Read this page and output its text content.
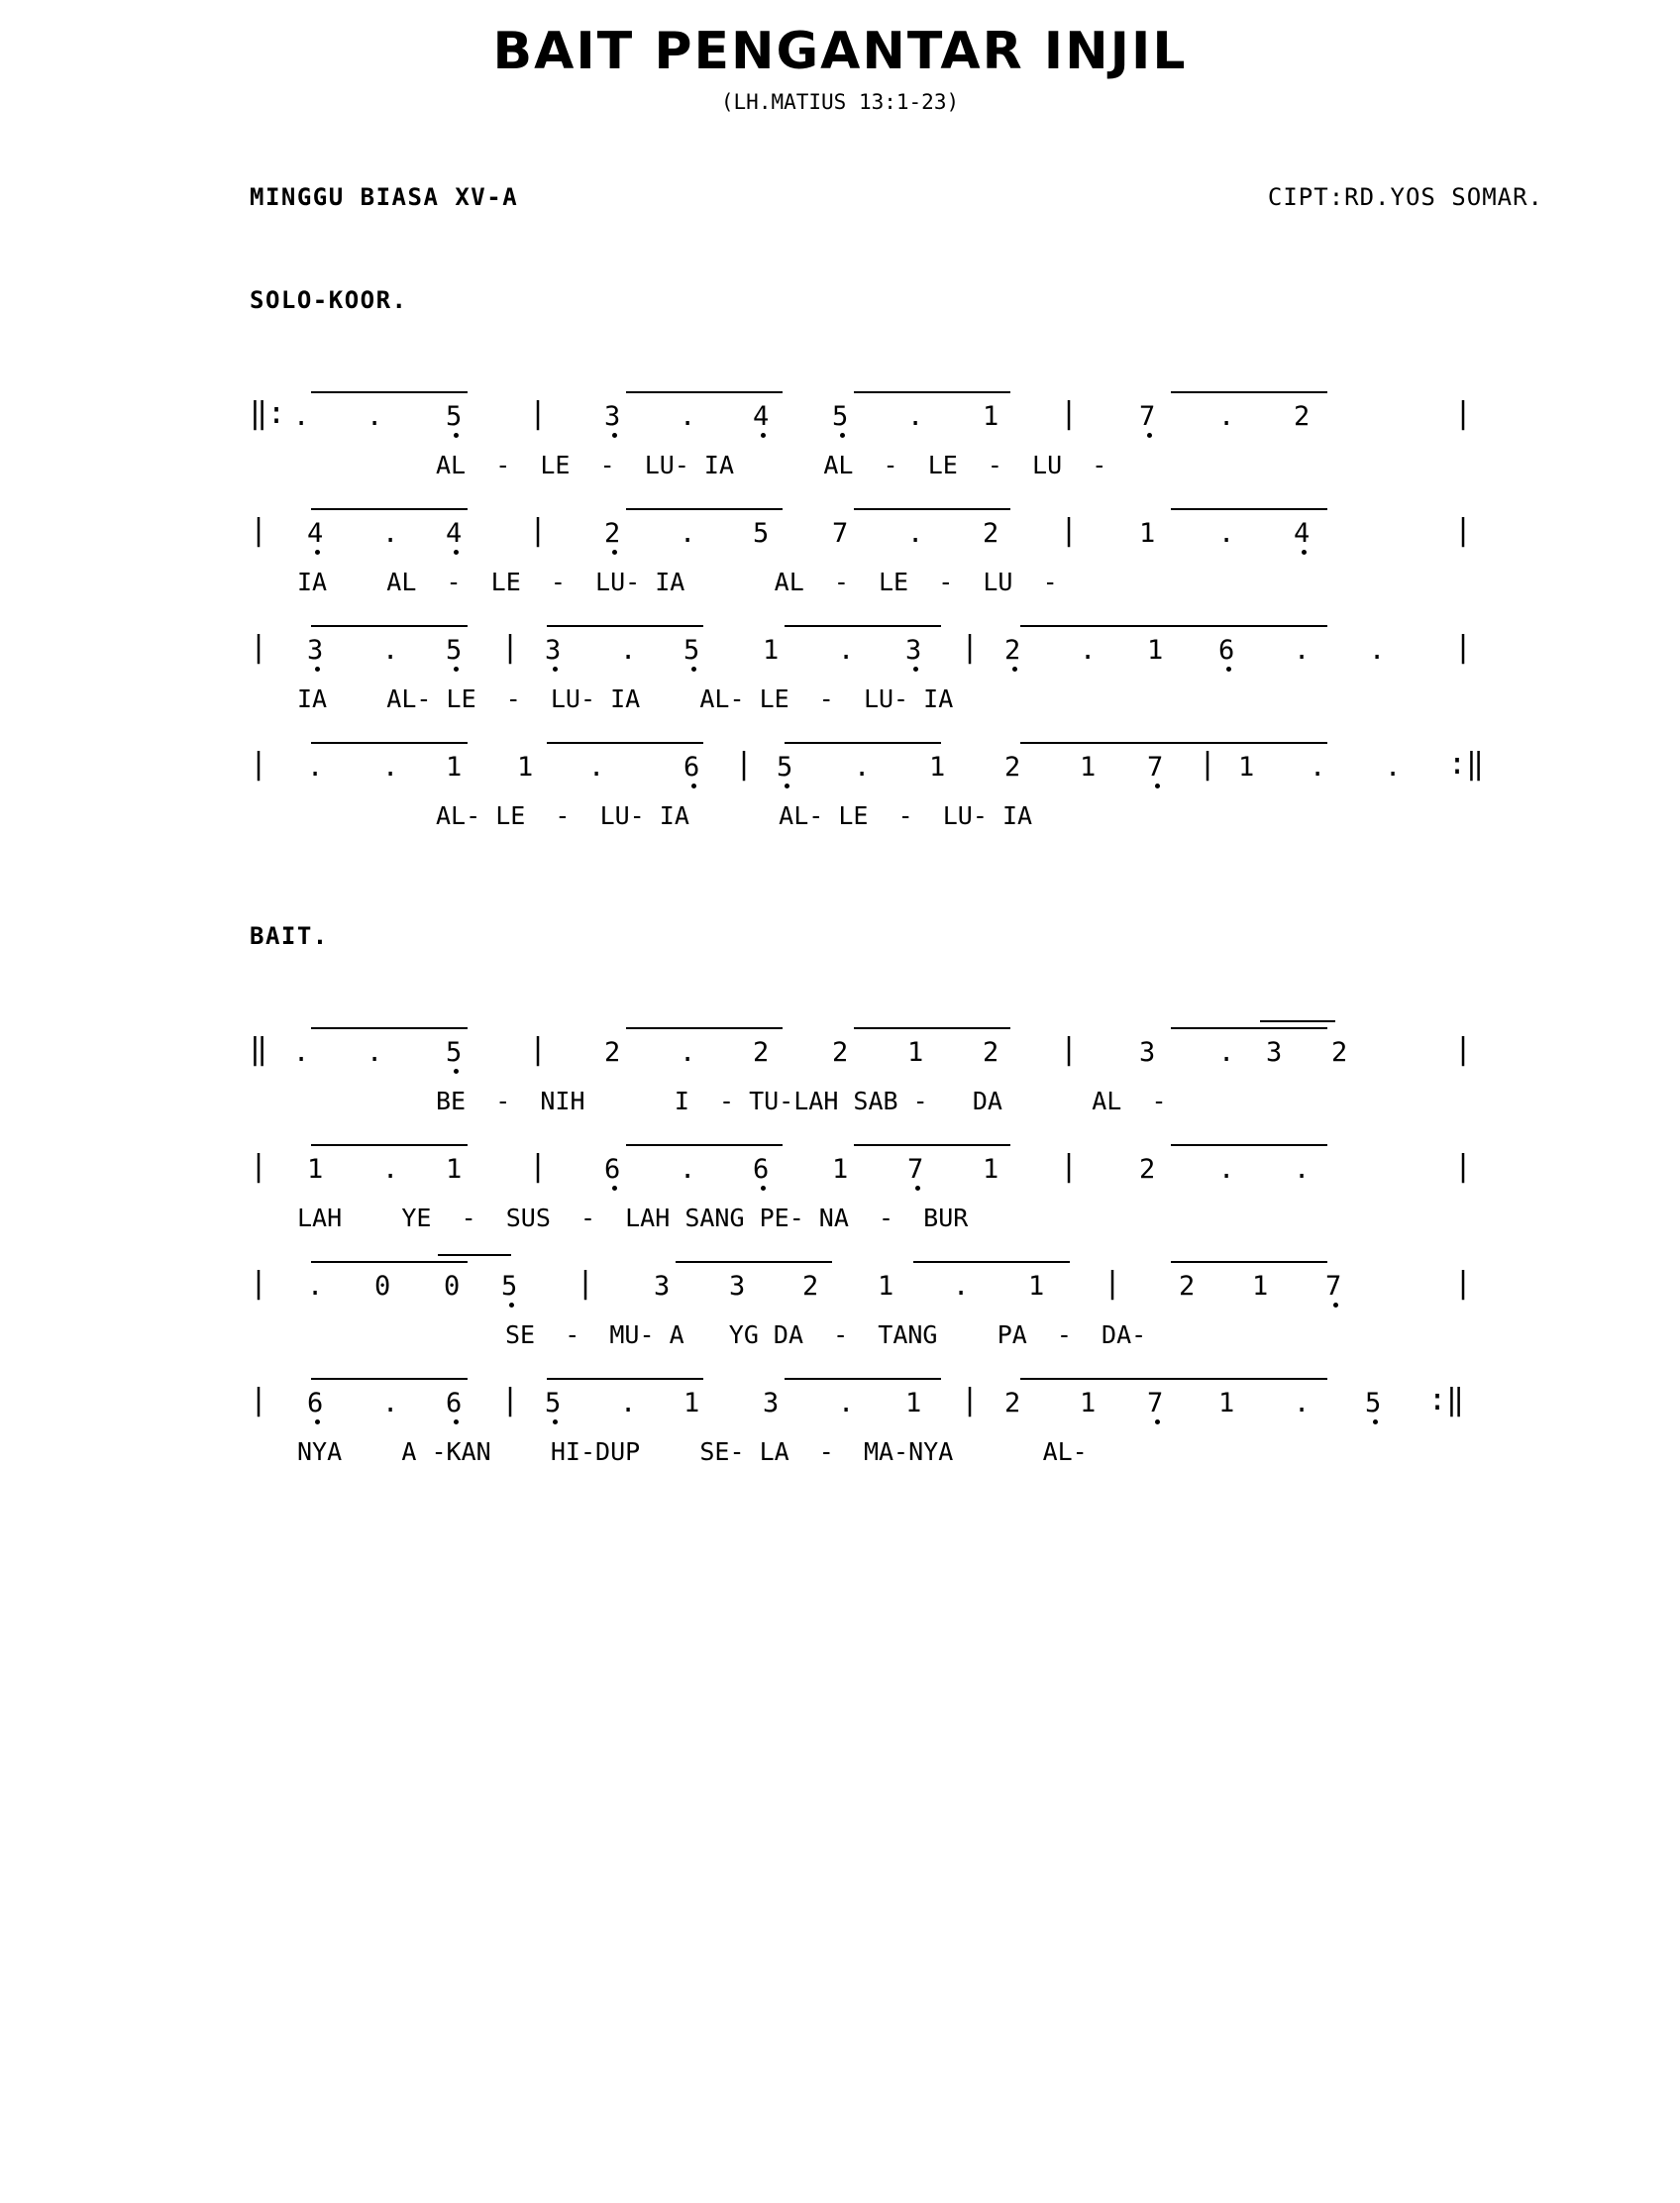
BAIT PENGANTAR INJIL
(LH.MATIUS 13:1-23)
MINGGU BIASA XV-A	CIPT:RD.YOS SOMAR.
SOLO-KOOR.
‖: . . 5 | 3 . 4 5 . 1 | 7 . 2	|
AL  -  LE  -  LU- IA      AL  -  LE  -  LU  -
| 4 . 4 | 2 . 5 7 . 2 | 1 . 4	|
IA    AL  -  LE  -  LU- IA      AL  -  LE  -  LU  -
| 3 . 5 | 3 . 5 1 . 3 | 2 . 1 6 . . |
IA    AL- LE  -  LU- IA    AL- LE  -  LU- IA
| . . 1 1 .	6 | 5 . 1 2 1 7 | 1 . . :‖
AL- LE  -  LU- IA      AL- LE  -  LU- IA
BAIT.
‖ . . 5 | 2 . 2 2 1 2 | 3 . 3 2	|
BE  -  NIH      I  - TU-LAH SAB -   DA      AL  -
| 1 . 1 | 6 . 6 1 7 1 | 2 . .	|
LAH    YE  -  SUS  -  LAH SANG PE- NA  -  BUR
| . 0 0 5 | 3 3 2 1 . 1 | 2 1 7	|
SE  -  MU- A   YG DA  -  TANG    PA  -  DA-
| 6 . 6 | 5 . 1 3 . 1 | 2 1 7 1 . 5 :‖
NYA    A -KAN    HI-DUP    SE- LA  -  MA-NYA      AL-
